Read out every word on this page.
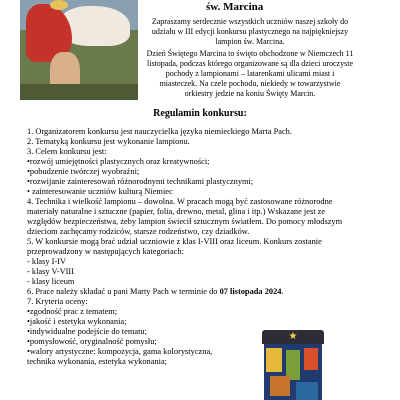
św. Marcina

Zapraszamy serdecznie wszystkich uczniów naszej szkoły do udziału w III edycji konkursu plastycznego na najpiękniejszy lampion św. Marcina.

Dzień Świętego Marcina to święto obchodzone w Niemczech 11 listopada, podczas którego organizowane są dla dzieci uroczyste pochody z lampionami – latarenkami ulicami miast i miasteczek. Na czele pochodu, niekiedy w towarzystwie orkiestry jedzie na koniu Święty Marcin.

Regulamin konkursu:
1. Organizatorem konkursu jest nauczycielka języka niemieckiego Marta Pach.
2. Tematyką konkursu jest wykonanie lampionu.
3. Celem konkursu jest:
•rozwój umiejętności plastycznych oraz kreatywności;
•pobudzenie twórczej wyobraźni;
•rozwijanie zainteresowań różnorodnymi technikami plastycznymi;
• zainteresowanie uczniów kulturą Niemiec
4. Technika i wielkość lampionu – dowolna. W pracach mogą być zastosowane różnorodne materiały naturalne i sztuczne (papier, folia, drewno, metal, glina i itp.) Wskazane jest ze względów bezpieczeństwa, żeby lampion świecił sztucznym światłem. Do pomocy młodszym dzieciom zachęcamy rodziców, starsze rodzeństwo, czy dziadków.
5. W konkursie mogą brać udział uczniowie z klas I-VIII oraz liceum. Konkurs zostanie przeprowadzony w następujących kategoriach:
- klasy I-IV
- klasy V-VIII
- klasy liceum
6. Prace należy składać u pani Marty Pach w terminie do 07 listopada 2024.
7. Kryteria oceny:
•zgodność prac z tematem;
•jakość i estetyka wykonania;
•indywidualne podejście do tematu;
•pomysłowość, oryginalność pomysłu;
•walory artystyczne: kompozycja, gama kolorystyczna,
technika wykonania, estetyka wykonania;
★
